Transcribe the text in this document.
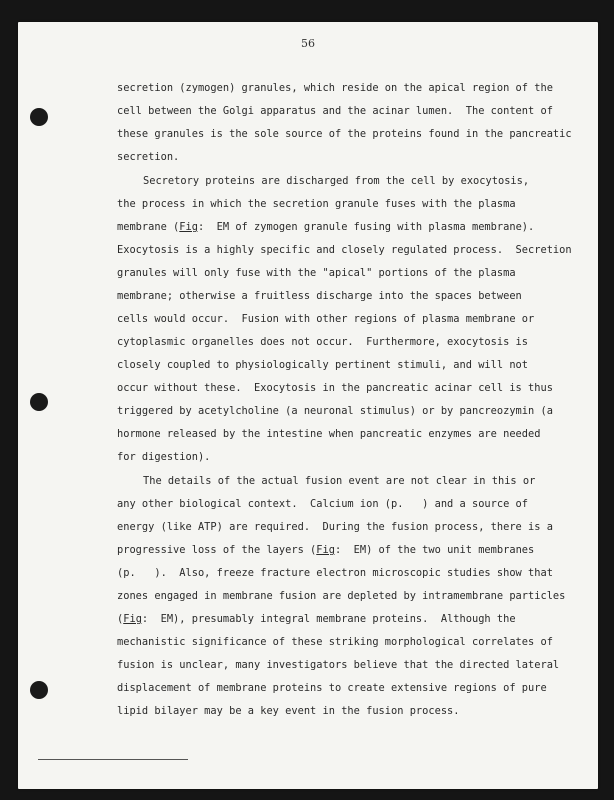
56
secretion (zymogen) granules, which reside on the apical region of the
cell between the Golgi apparatus and the acinar lumen.  The content of
these granules is the sole source of the proteins found in the pancreatic
secretion.
Secretory proteins are discharged from the cell by exocytosis,
the process in which the secretion granule fuses with the plasma
membrane (Fig:  EM of zymogen granule fusing with plasma membrane).
Exocytosis is a highly specific and closely regulated process.  Secretion
granules will only fuse with the "apical" portions of the plasma
membrane; otherwise a fruitless discharge into the spaces between
cells would occur.  Fusion with other regions of plasma membrane or
cytoplasmic organelles does not occur.  Furthermore, exocytosis is
closely coupled to physiologically pertinent stimuli, and will not
occur without these.  Exocytosis in the pancreatic acinar cell is thus
triggered by acetylcholine (a neuronal stimulus) or by pancreozymin (a
hormone released by the intestine when pancreatic enzymes are needed
for digestion).
The details of the actual fusion event are not clear in this or
any other biological context.  Calcium ion (p.   ) and a source of
energy (like ATP) are required.  During the fusion process, there is a
progressive loss of the layers (Fig:  EM) of the two unit membranes
(p.   ).  Also, freeze fracture electron microscopic studies show that
zones engaged in membrane fusion are depleted by intramembrane particles
(Fig:  EM), presumably integral membrane proteins.  Although the
mechanistic significance of these striking morphological correlates of
fusion is unclear, many investigators believe that the directed lateral
displacement of membrane proteins to create extensive regions of pure
lipid bilayer may be a key event in the fusion process.
